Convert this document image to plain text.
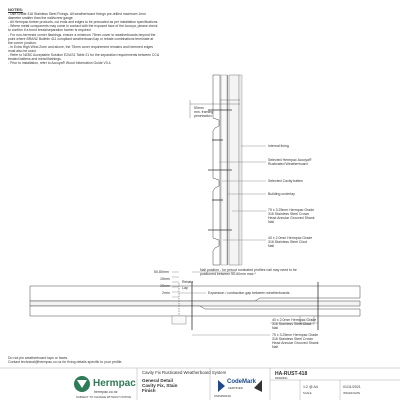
NOTES:
- Use Grade 316 Stainless Steel Fixings. All weatherboard fixings pre-drilled maximum 1mm
diameter smaller than the nail/screw gauge.
- All Hermpac timber products, cut ends and edges to be precoated as per installation specifications.
- Where metal components may come in contact with the exposed face of the Accoya, please check
to confirm if a bond break/separation barrier is required.
- For non-hermned corner flashings, ensure a minimum 75mm cover to weatherboards beyond the
point where BRANZ Bulletin 411 compliant weatherboard lap or rebate combinations terminate at
the corner junction.
- In Extra High Wind Zone and above, the 75mm cover requirement remains and hemmed edges
must also be used.
- Refer to NZBC Acceptable Solution E2/AS1 Table 21 for the separation requirements between CCA
treated battens and metal flashings.
- Prior to installation, refer to Accoya® Wood Information Guide V3.4.
50mm
min. framing
penetration
Internal lining
Selected Hermpac Accoya®
Rusticated Weatherboard
Selected Cavity batten
Building underlay
75 x 3.25mm Hermpac Grade
316 Stainless Steel Crown
Head Annular Grooved Shank
Nail
40 x 2.0mm Hermpac Grade
316 Stainless Steel Clout
Nail
50-80mm
15mm
Rebate
25mm	Lap
2mm
Nail position - for precut rusticated profiles nail may need to be
positioned between 50-60mm max.*
Expansion / contraction gap between weatherboards
40 x 2.0mm Hermpac Grade
316 Stainless Steel Clout
Nail
75 x 3.25mm Hermpac Grade
316 Stainless Steel Crown
Head Annular Grooved Shank
Nail
Do not pin weatherboard laps or faces.
Contact technical@hermpac.co.nz for fixing details specific to your profile.
Hermpac
hermpac.co.nz
SUBJECT TO CHANGE WITHOUT NOTICE
Cavity Fix Rusticated Weatherboard System
General Detail
Cavity Fix, Stain
Finish
CodeMark
CERTIFIED
CMNZ00100
HA-RUST-418
DRAWING
1:2 @ A4
SCALE
01/11/2021
ISSUED DATE
